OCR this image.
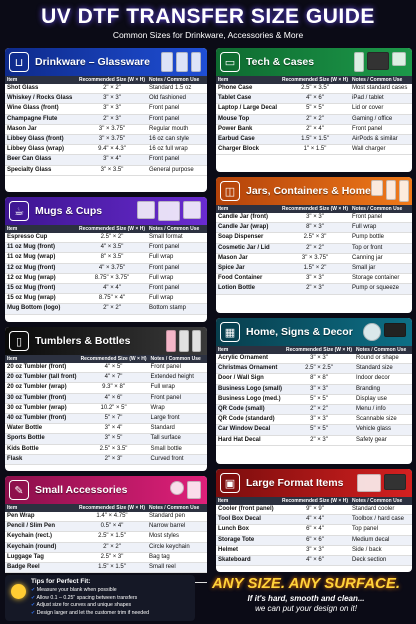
UV DTF TRANSFER SIZE GUIDE
Common Sizes for Drinkware, Accessories & More
⊔	Drinkware – Glassware
Item	Recommended Size (W × H)	Notes / Common Use
Shot Glass	2" × 2"	Standard 1.5 oz
Whiskey / Rocks Glass	3" × 3"	Old fashioned
Wine Glass (front)	3" × 3"	Front panel
Champagne Flute	2" × 3"	Front panel
Mason Jar	3" × 3.75"	Regular mouth
Libbey Glass (front)	3" × 3.75"	16 oz can style
Libbey Glass (wrap)	9.4" × 4.3"	16 oz full wrap
Beer Can Glass	3" × 4"	Front panel
Specialty Glass	3" × 3.5"	General purpose
☕	Mugs & Cups
Item	Recommended Size (W × H)	Notes / Common Use
Espresso Cup	2.5" × 2"	Small format
11 oz Mug (front)	4" × 3.5"	Front panel
11 oz Mug (wrap)	8" × 3.5"	Full wrap
12 oz Mug (front)	4" × 3.75"	Front panel
12 oz Mug (wrap)	8.75" × 3.75"	Full wrap
15 oz Mug (front)	4" × 4"	Front panel
15 oz Mug (wrap)	8.75" × 4"	Full wrap
Mug Bottom (logo)	2" × 2"	Bottom stamp
▯	Tumblers & Bottles
Item	Recommended Size (W × H)	Notes / Common Use
20 oz Tumbler (front)	4" × 5"	Front panel
20 oz Tumbler (tall front)	4" × 7"	Extended height
20 oz Tumbler (wrap)	9.3" × 8"	Full wrap
30 oz Tumbler (front)	4" × 6"	Front panel
30 oz Tumbler (wrap)	10.2" × 5"	Wrap
40 oz Tumbler (front)	5" × 7"	Large front
Water Bottle	3" × 4"	Standard
Sports Bottle	3" × 5"	Tall surface
Kids Bottle	2.5" × 3.5"	Small bottle
Flask	2" × 3"	Curved front
✎	Small Accessories
Item	Recommended Size (W × H)	Notes / Common Use
Pen Wrap	1.4" × 4.75"	Standard pen
Pencil / Slim Pen	0.5" × 4"	Narrow barrel
Keychain (rect.)	2.5" × 1.5"	Most styles
Keychain (round)	2" × 2"	Circle keychain
Luggage Tag	2.5" × 3"	Bag tag
Badge Reel	1.5" × 1.5"	Small reel

▭	Tech & Cases
Item	Recommended Size (W × H)	Notes / Common Use
Phone Case	2.5" × 3.5"	Most standard cases
Tablet Case	4" × 6"	iPad / tablet
Laptop / Large Decal	5" × 5"	Lid or cover
Mouse Top	2" × 2"	Gaming / office
Power Bank	2" × 4"	Front panel
Earbud Case	1.5" × 1.5"	AirPods & similar
Charger Block	1" × 1.5"	Wall charger
◫	Jars, Containers & Home
Item	Recommended Size (W × H)	Notes / Common Use
Candle Jar (front)	3" × 3"	Front panel
Candle Jar (wrap)	8" × 3"	Full wrap
Soap Dispenser	2.5" × 3"	Pump bottle
Cosmetic Jar / Lid	2" × 2"	Top or front
Mason Jar	3" × 3.75"	Canning jar
Spice Jar	1.5" × 2"	Small jar
Food Container	3" × 3"	Storage container
Lotion Bottle	2" × 3"	Pump or squeeze
▦	Home, Signs & Decor
Item	Recommended Size (W × H)	Notes / Common Use
Acrylic Ornament	3" × 3"	Round or shape
Christmas Ornament	2.5" × 2.5"	Standard size
Door / Wall Sign	8" × 8"	Indoor decor
Business Logo (small)	3" × 3"	Branding
Business Logo (med.)	5" × 5"	Display use
QR Code (small)	2" × 2"	Menu / info
QR Code (standard)	3" × 3"	Scannable size
Car Window Decal	5" × 5"	Vehicle glass
Hard Hat Decal	2" × 3"	Safety gear
▣	Large Format Items
Item	Recommended Size (W × H)	Notes / Common Use
Cooler (front panel)	9" × 9"	Standard cooler
Tool Box Decal	4" × 4"	Toolbox / hard case
Lunch Box	6" × 4"	Top panel
Storage Tote	6" × 6"	Medium decal
Helmet	3" × 3"	Side / back
Skateboard	4" × 6"	Deck section
Tips for Perfect Fit:
✔ Measure your blank when possible
✔ Allow 0.1 – 0.25" spacing between transfers
✔ Adjust size for curves and unique shapes
✔ Design larger and let the customer trim if needed
ANY SIZE. ANY SURFACE.
If it's hard, smooth and clean...
we can put your design on it!
